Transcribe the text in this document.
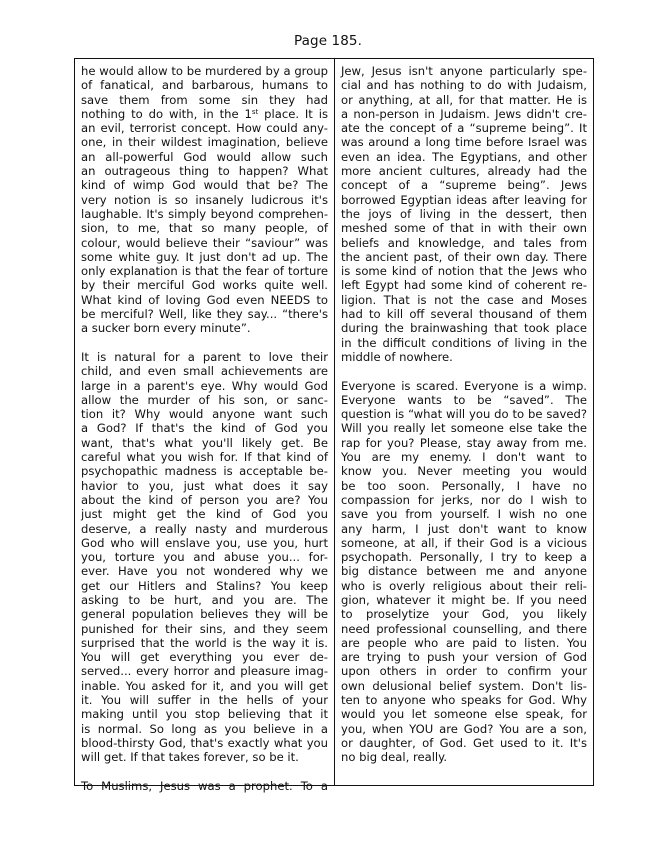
Page 185.
he would allow to be murdered by a group
of fanatical, and barbarous, humans to
save them from some sin they had
nothing to do with, in the 1st place. It is
an evil, terrorist concept. How could any-
one, in their wildest imagination, believe
an all-powerful God would allow such
an outrageous thing to happen? What
kind of wimp God would that be? The
very notion is so insanely ludicrous it's
laughable. It's simply beyond comprehen-
sion, to me, that so many people, of
colour, would believe their “saviour” was
some white guy. It just don't ad up. The
only explanation is that the fear of torture
by their merciful God works quite well.
What kind of loving God even NEEDS to
be merciful? Well, like they say... “there's
a sucker born every minute”.
It is natural for a parent to love their
child, and even small achievements are
large in a parent's eye. Why would God
allow the murder of his son, or sanc-
tion it? Why would anyone want such
a God? If that's the kind of God you
want, that's what you'll likely get. Be
careful what you wish for. If that kind of
psychopathic madness is acceptable be-
havior to you, just what does it say
about the kind of person you are? You
just might get the kind of God you
deserve, a really nasty and murderous
God who will enslave you, use you, hurt
you, torture you and abuse you... for-
ever. Have you not wondered why we
get our Hitlers and Stalins? You keep
asking to be hurt, and you are. The
general population believes they will be
punished for their sins, and they seem
surprised that the world is the way it is.
You will get everything you ever de-
served... every horror and pleasure imag-
inable. You asked for it, and you will get
it. You will suffer in the hells of your
making until you stop believing that it
is normal. So long as you believe in a
blood-thirsty God, that's exactly what you
will get. If that takes forever, so be it.
To Muslims, Jesus was a prophet. To a
Jew, Jesus isn't anyone particularly spe-
cial and has nothing to do with Judaism,
or anything, at all, for that matter. He is
a non-person in Judaism. Jews didn't cre-
ate the concept of a “supreme being”. It
was around a long time before Israel was
even an idea. The Egyptians, and other
more ancient cultures, already had the
concept of a “supreme being”. Jews
borrowed Egyptian ideas after leaving for
the joys of living in the dessert, then
meshed some of that in with their own
beliefs and knowledge, and tales from
the ancient past, of their own day. There
is some kind of notion that the Jews who
left Egypt had some kind of coherent re-
ligion. That is not the case and Moses
had to kill off several thousand of them
during the brainwashing that took place
in the difficult conditions of living in the
middle of nowhere.
Everyone is scared. Everyone is a wimp.
Everyone wants to be “saved”. The
question is “what will you do to be saved?
Will you really let someone else take the
rap for you? Please, stay away from me.
You are my enemy. I don't want to
know you. Never meeting you would
be too soon. Personally, I have no
compassion for jerks, nor do I wish to
save you from yourself. I wish no one
any harm, I just don't want to know
someone, at all, if their God is a vicious
psychopath. Personally, I try to keep a
big distance between me and anyone
who is overly religious about their reli-
gion, whatever it might be. If you need
to proselytize your God, you likely
need professional counselling, and there
are people who are paid to listen. You
are trying to push your version of God
upon others in order to confirm your
own delusional belief system. Don't lis-
ten to anyone who speaks for God. Why
would you let someone else speak, for
you, when YOU are God? You are a son,
or daughter, of God. Get used to it. It's
no big deal, really.
